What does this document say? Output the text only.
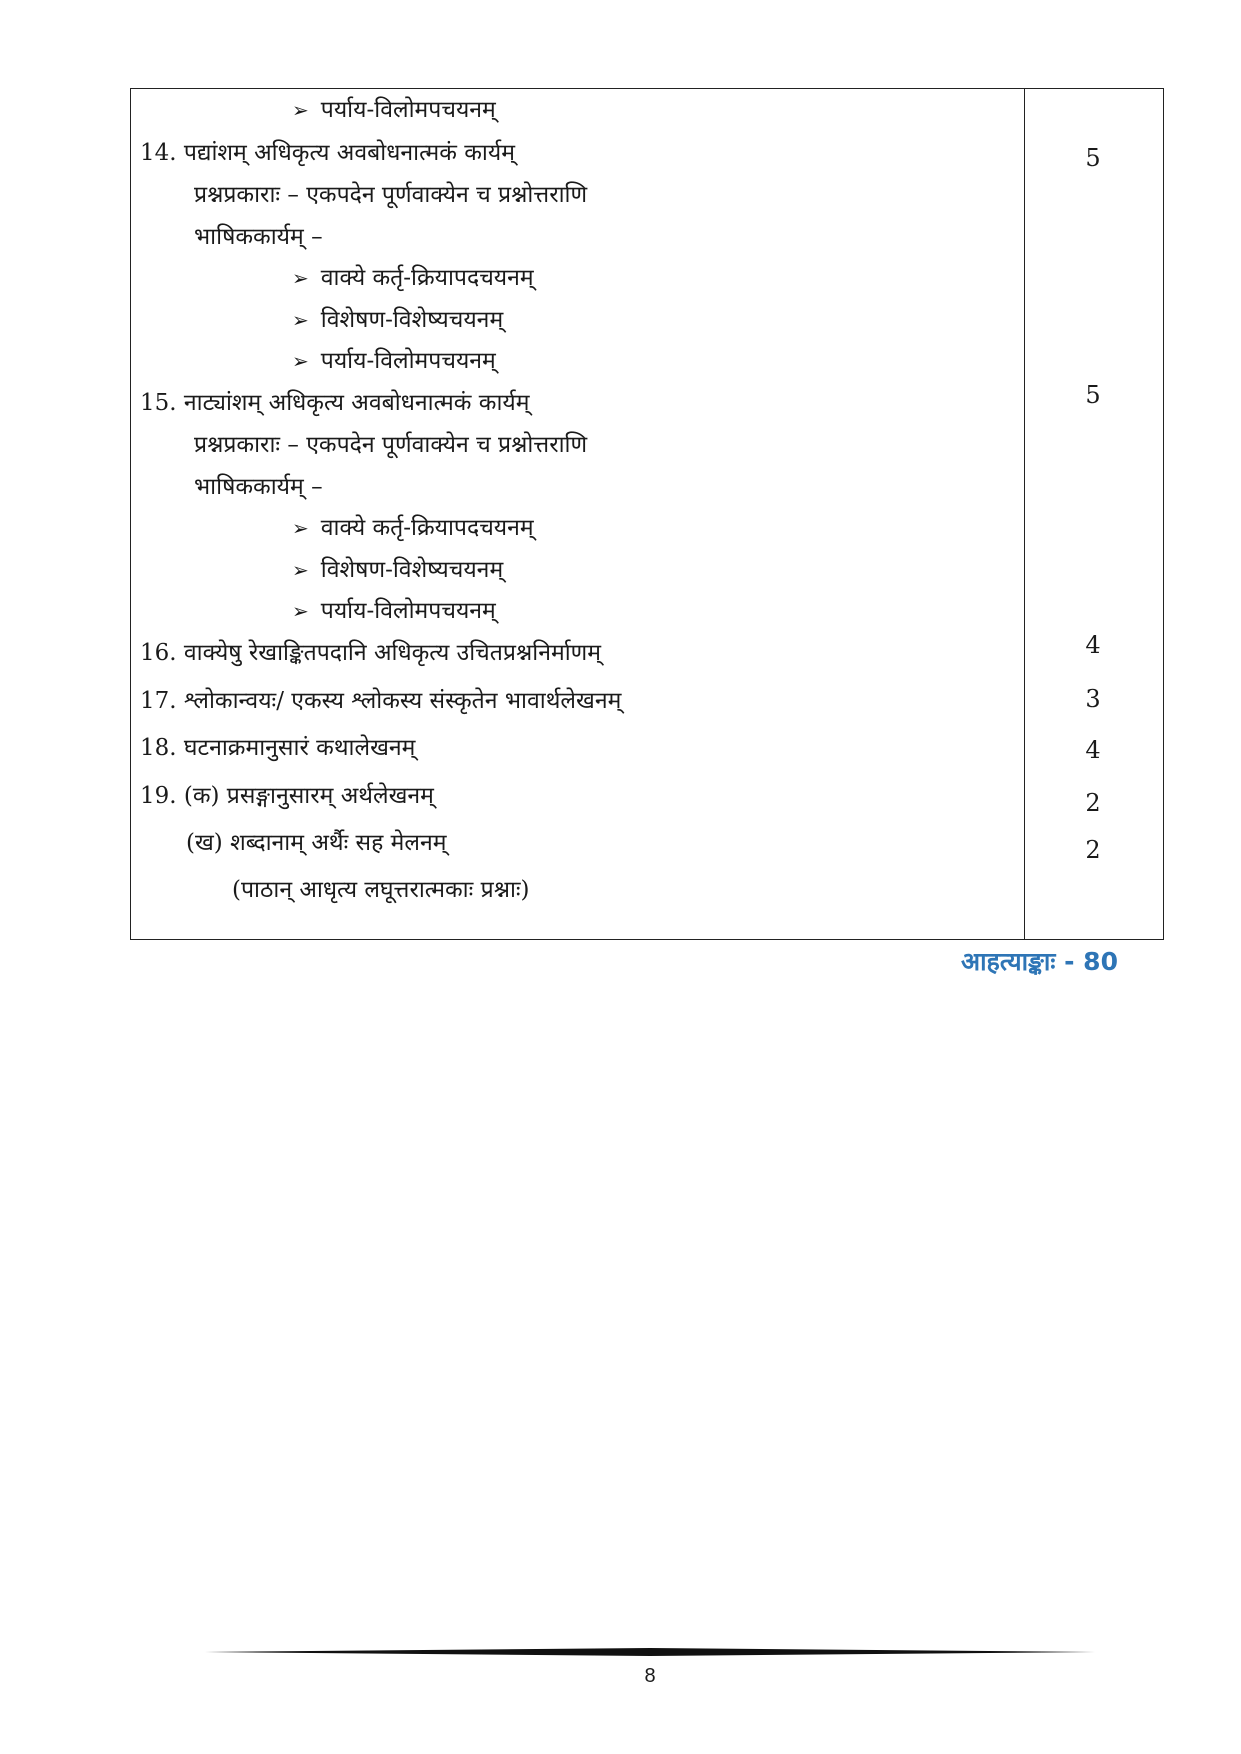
➢ पर्याय-विलोमपचयनम्
14. पद्यांशम् अधिकृत्य अवबोधनात्मकं कार्यम्
प्रश्नप्रकाराः – एकपदेन पूर्णवाक्येन च प्रश्नोत्तराणि
भाषिककार्यम् –
➢ वाक्ये कर्तृ-क्रियापदचयनम्
➢ विशेषण-विशेष्यचयनम्
➢ पर्याय-विलोमपचयनम्
15. नाट्यांशम् अधिकृत्य अवबोधनात्मकं कार्यम्
प्रश्नप्रकाराः – एकपदेन पूर्णवाक्येन च प्रश्नोत्तराणि
भाषिककार्यम् –
➢ वाक्ये कर्तृ-क्रियापदचयनम्
➢ विशेषण-विशेष्यचयनम्
➢ पर्याय-विलोमपचयनम्
16. वाक्येषु रेखाङ्कितपदानि अधिकृत्य उचितप्रश्ननिर्माणम्
17. श्लोकान्वयः/ एकस्य श्लोकस्य संस्कृतेन भावार्थलेखनम्
18. घटनाक्रमानुसारं कथालेखनम्
19. (क) प्रसङ्गानुसारम् अर्थलेखनम्
(ख) शब्दानाम् अर्थैः सह मेलनम्
(पाठान् आधृत्य लघूत्तरात्मकाः प्रश्नाः)
5
5
4
3
4
2
2
आहत्याङ्काः - 80
8
